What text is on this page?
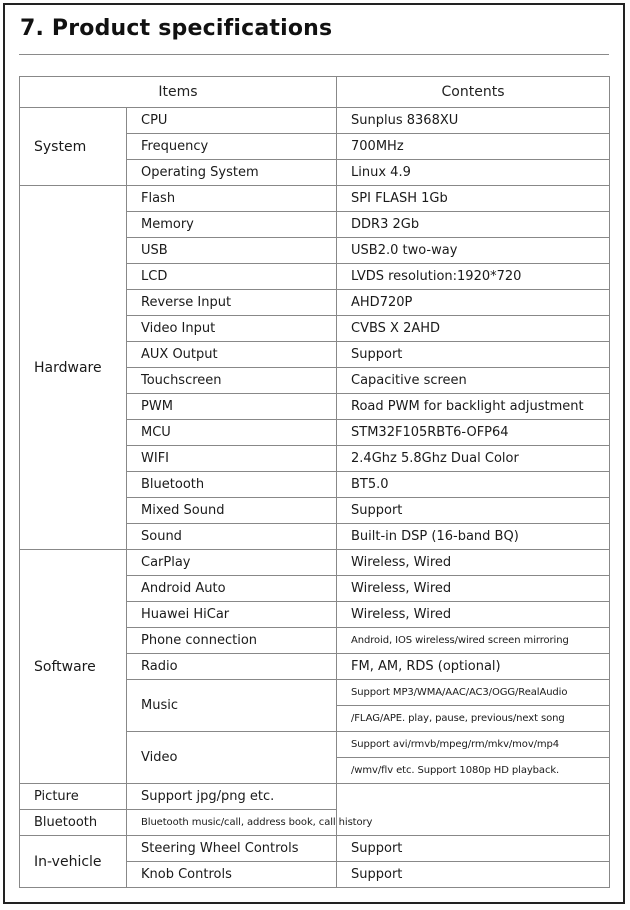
7. Product specifications
Items		Contents
System	CPU	Sunplus 8368XU
	Frequency	700MHz
	Operating System	Linux 4.9
Hardware	Flash	SPI FLASH 1Gb
	Memory	DDR3 2Gb
	USB	USB2.0 two-way
	LCD	LVDS resolution:1920*720
	Reverse Input	AHD720P
	Video Input	CVBS X 2AHD
	AUX Output	Support
	Touchscreen	Capacitive screen
	PWM	Road PWM for backlight adjustment
	MCU	STM32F105RBT6-OFP64
	WIFI	2.4Ghz 5.8Ghz Dual Color
	Bluetooth	BT5.0
	Mixed Sound	Support
	Sound	Built-in DSP (16-band BQ)
Software	CarPlay	Wireless, Wired
	Android Auto	Wireless, Wired
	Huawei HiCar	Wireless, Wired
	Phone connection	Android, IOS wireless/wired screen mirroring
	Radio	FM, AM, RDS (optional)
	Music	Support MP3/WMA/AAC/AC3/OGG/RealAudio
		/FLAG/APE. play, pause, previous/next song
	Video	Support avi/rmvb/mpeg/rm/mkv/mov/mp4
		/wmv/flv etc. Support 1080p HD playback.
Picture	Support jpg/png etc.	
Bluetooth	Bluetooth music/call, address book, call history	
In-vehicle	Steering Wheel Controls	Support
	Knob Controls	Support
